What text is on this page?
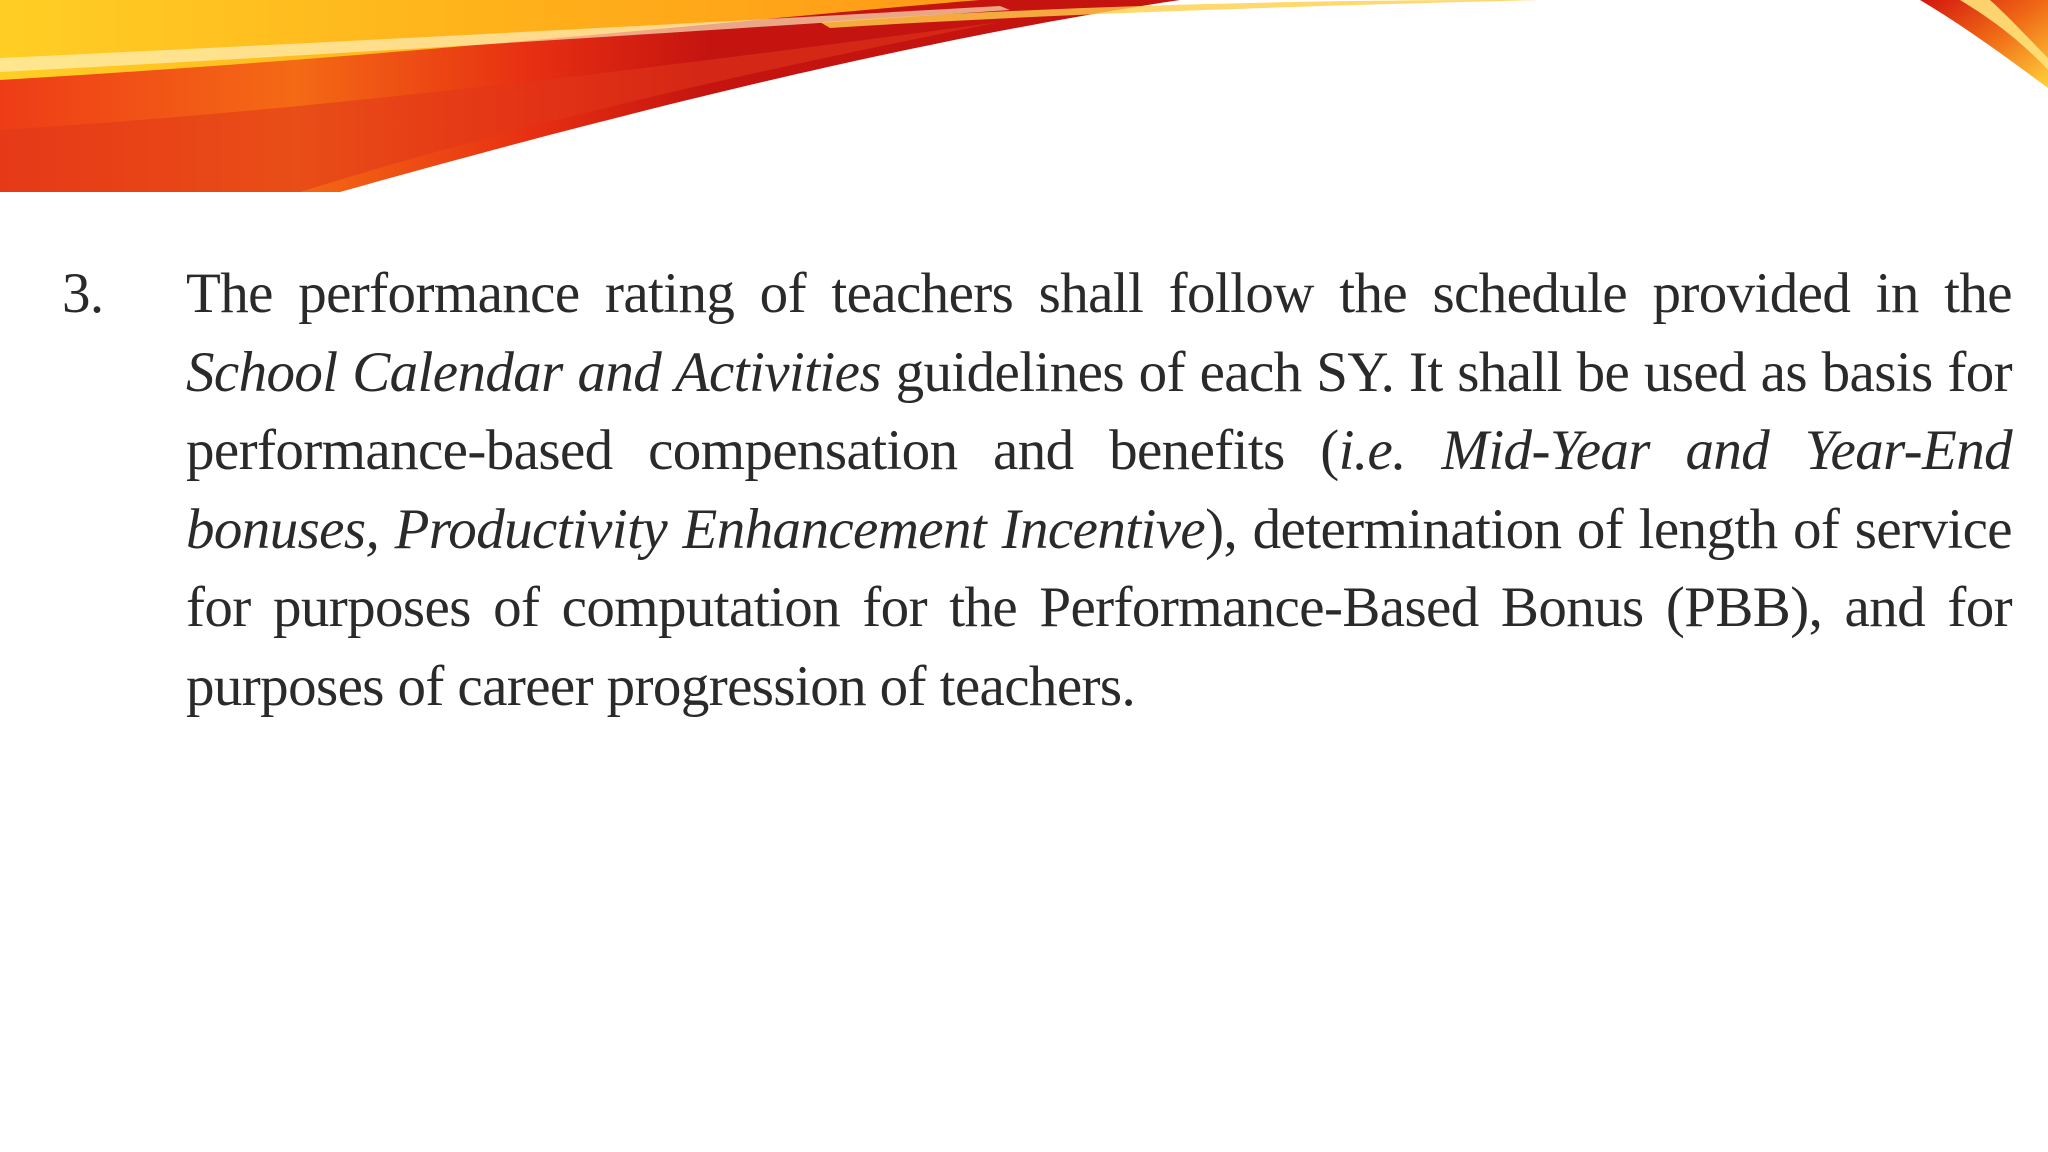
3.	The performance rating of teachers shall follow the schedule provided in the School Calendar and Activities guidelines of each SY. It shall be used as basis for performance-based compensation and benefits (i.e. Mid-Year and Year-End bonuses, Productivity Enhancement Incentive), determination of length of service for purposes of computation for the Performance-Based Bonus (PBB), and for purposes of career progression of teachers.
